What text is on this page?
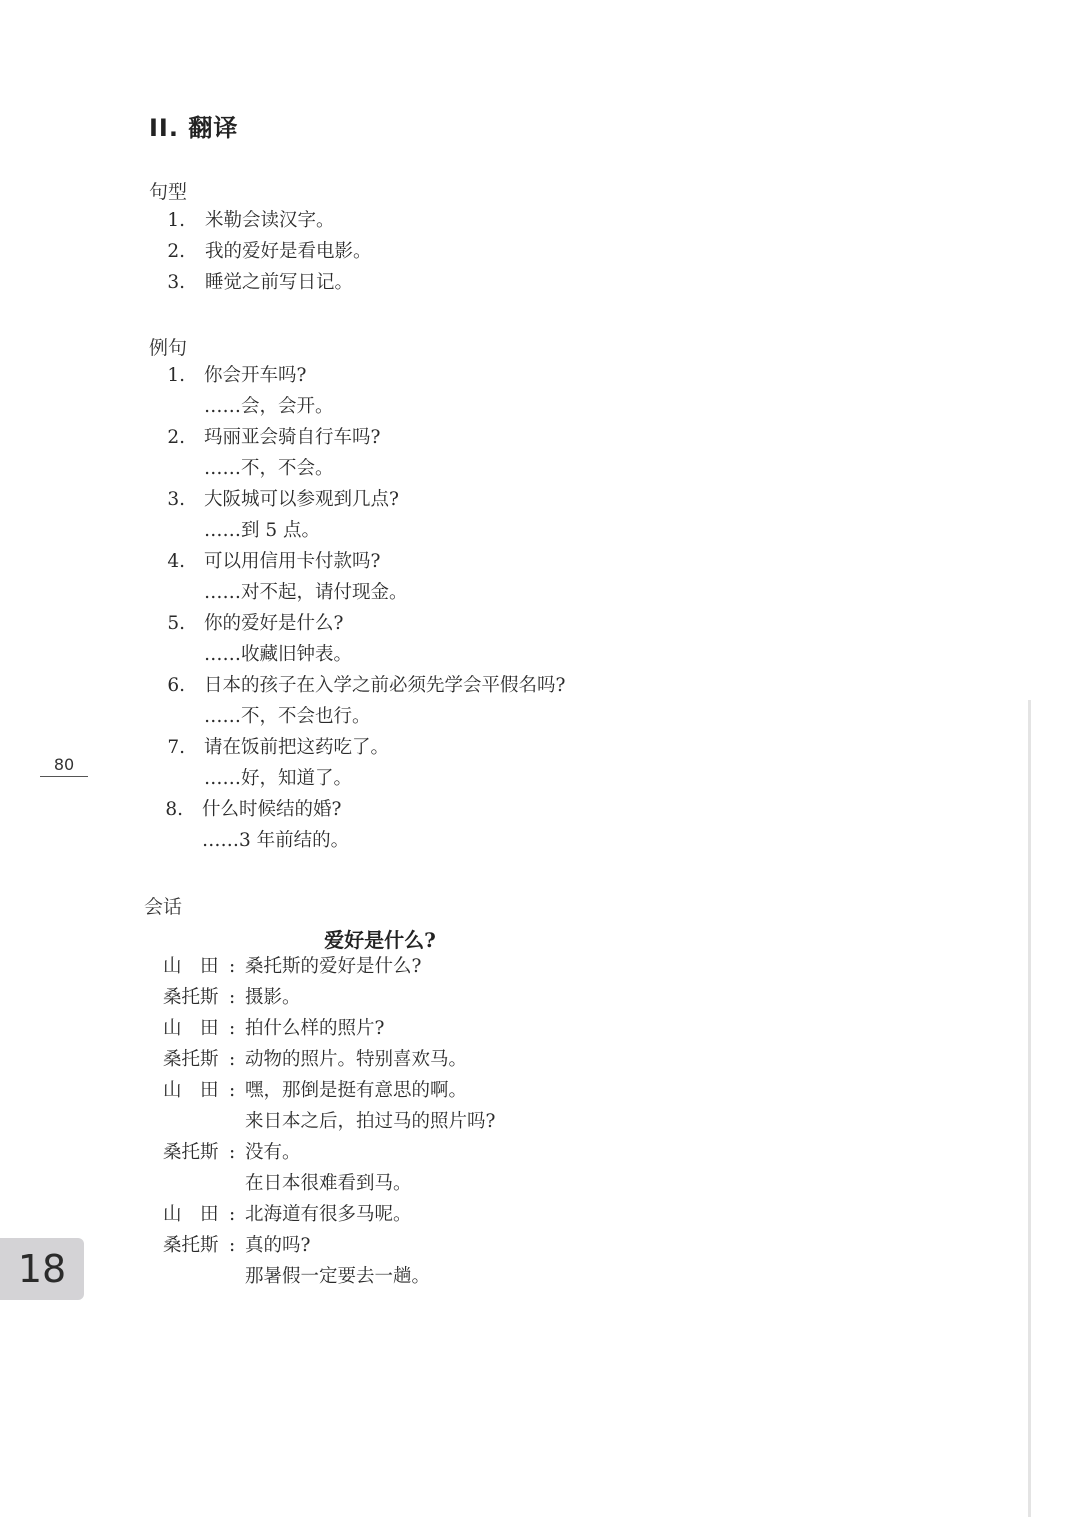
II. 翻译
句型
1. 米勒会读汉字。
2. 我的爱好是看电影。
3. 睡觉之前写日记。
例句
1. 你会开车吗?
……会，会开。
2. 玛丽亚会骑自行车吗?
……不，不会。
3. 大阪城可以参观到几点?
……到 5 点。
4. 可以用信用卡付款吗?
……对不起，请付现金。
5. 你的爱好是什么?
……收藏旧钟表。
6. 日本的孩子在入学之前必须先学会平假名吗?
……不，不会也行。
7. 请在饭前把这药吃了。
……好，知道了。
8. 什么时候结的婚?
……3 年前结的。
会话
爱好是什么?
山　田 : 桑托斯的爱好是什么?
桑托斯 : 摄影。
山　田 : 拍什么样的照片?
桑托斯 : 动物的照片。特别喜欢马。
山　田 : 嘿，那倒是挺有意思的啊。
来日本之后，拍过马的照片吗?
桑托斯 : 没有。
在日本很难看到马。
山　田 : 北海道有很多马呢。
桑托斯 : 真的吗?
那暑假一定要去一趟。
80
18
